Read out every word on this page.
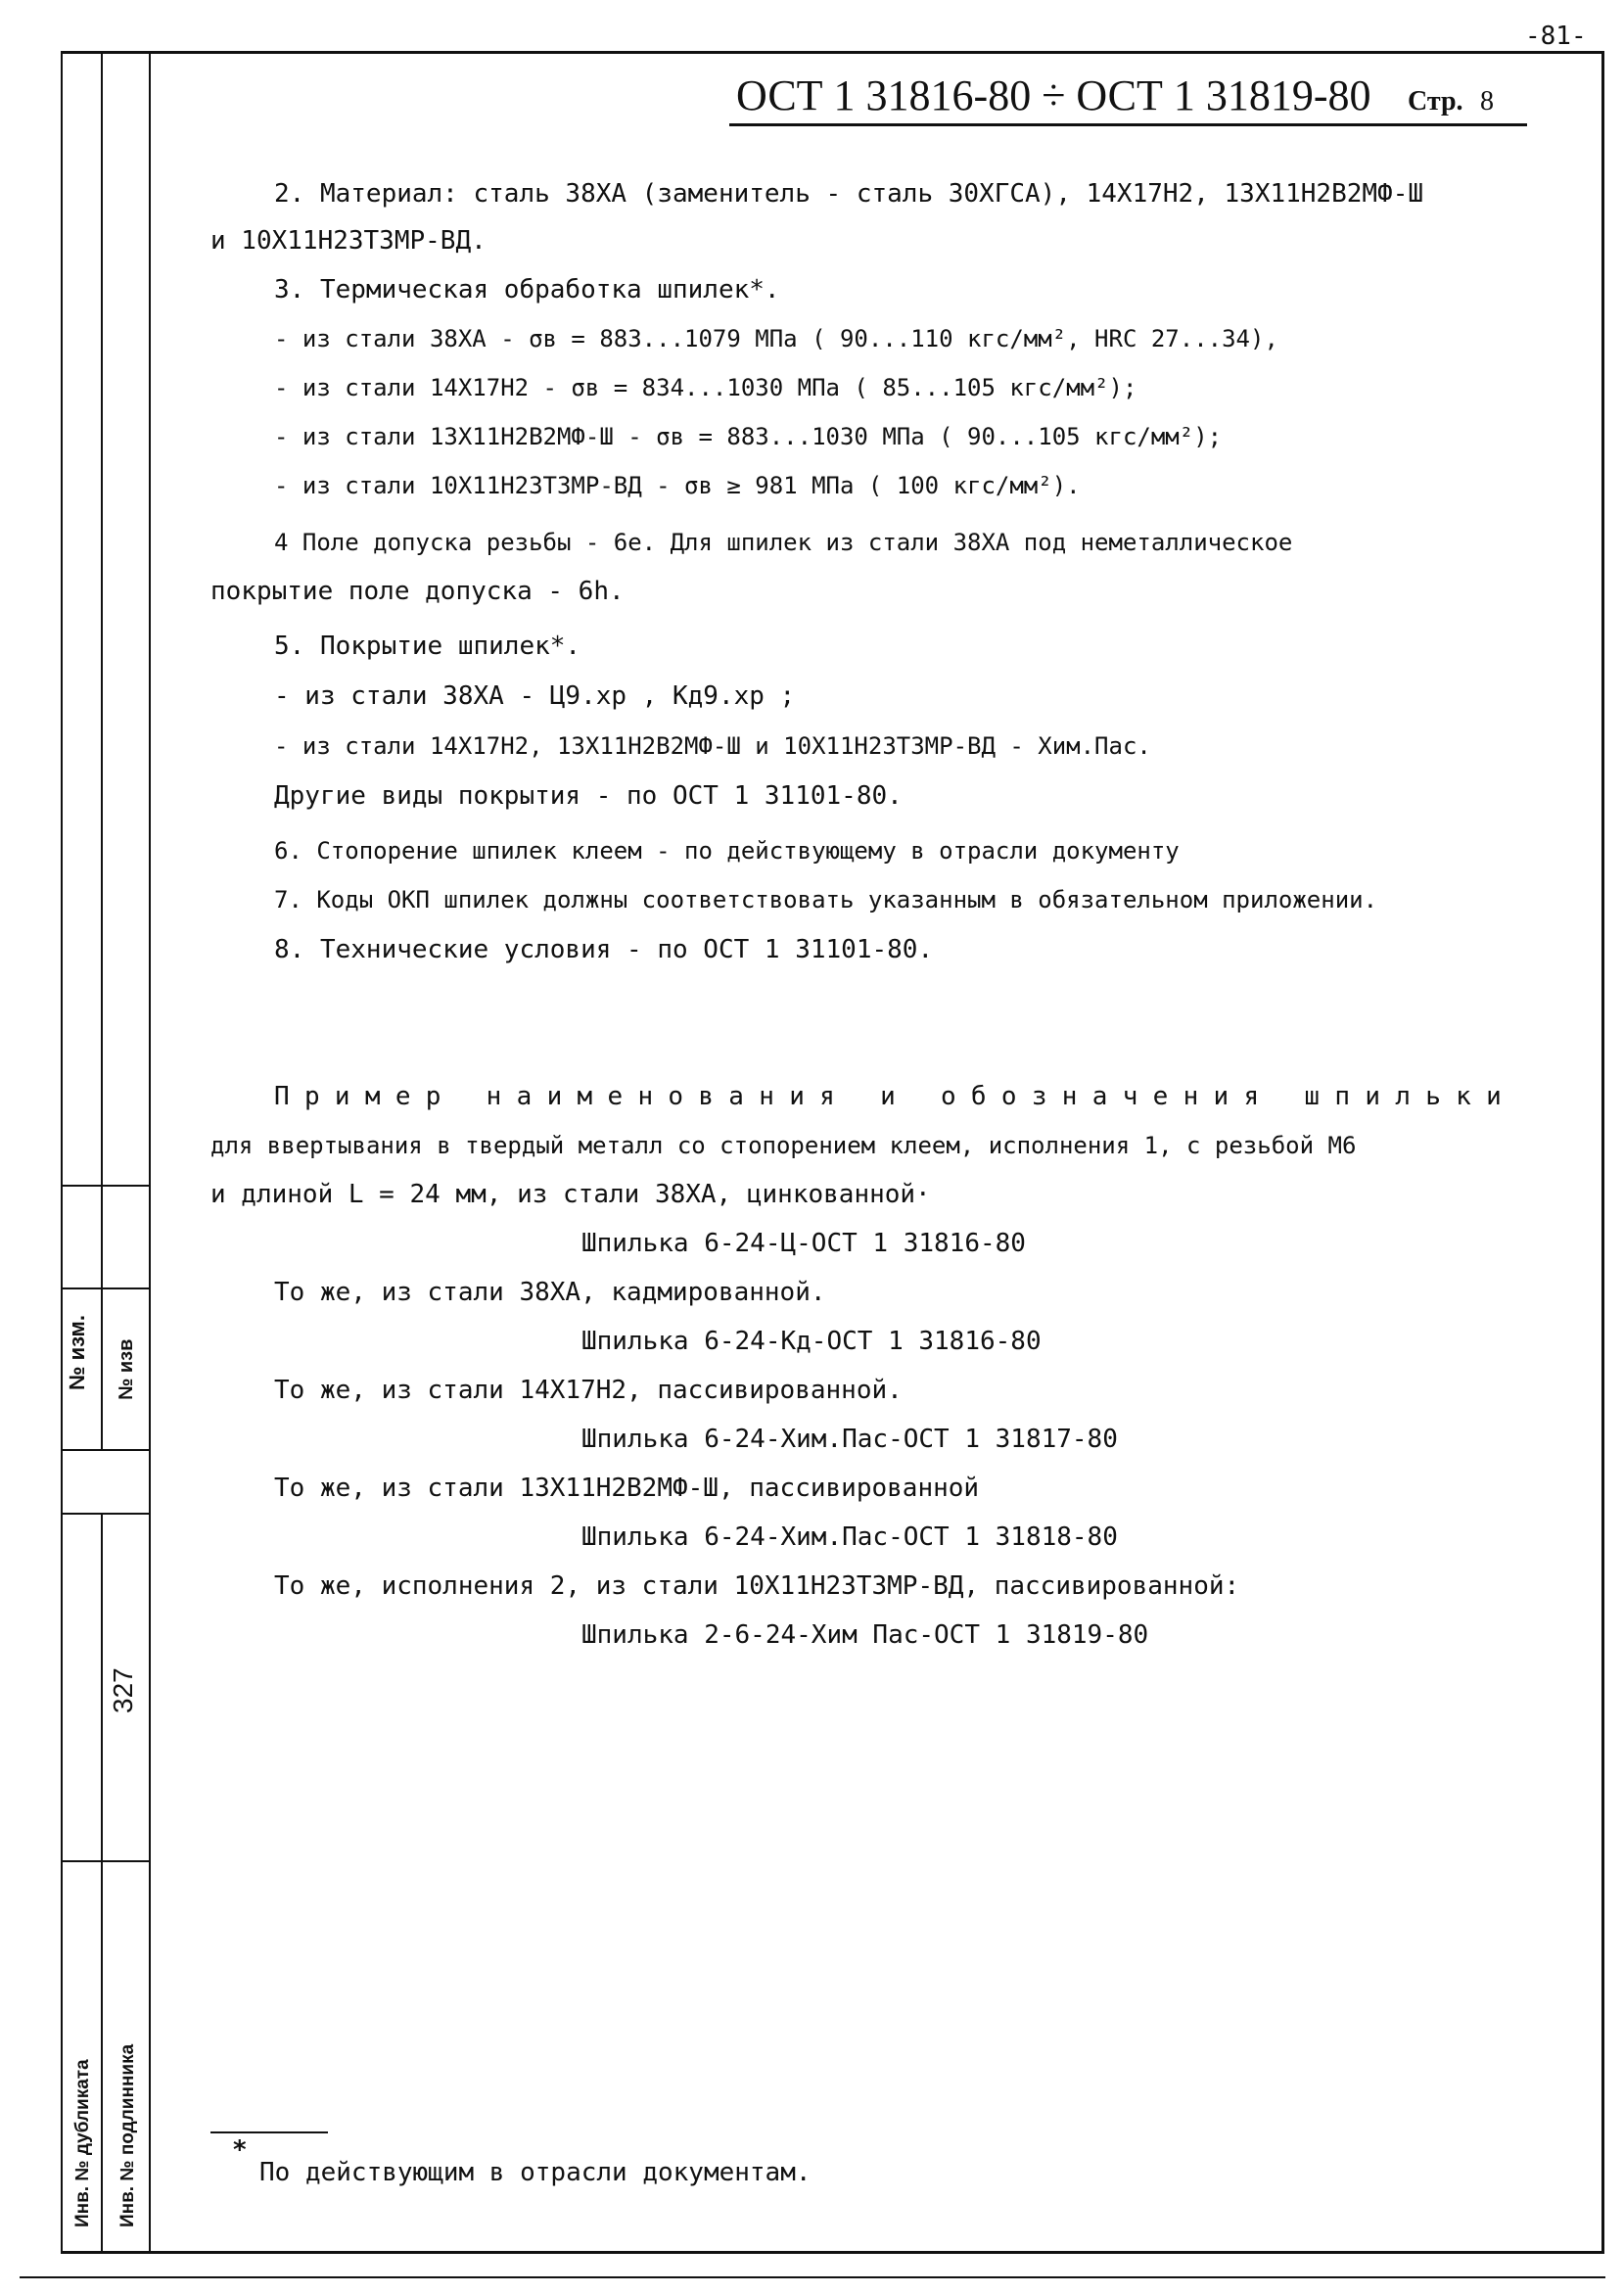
-81-
ОСТ 1 31816-80 ÷ ОСТ 1 31819-80 Стр. 8
2. Материал: сталь 38ХА (заменитель - сталь 30ХГСА), 14Х17Н2, 13Х11Н2В2МФ-Ш
и 10Х11Н23Т3МР-ВД.
3. Термическая обработка шпилек*.
- из стали 38ХА - σв = 883...1079 МПа ( 90...110 кгс/мм², HRC 27...34),
- из стали 14Х17Н2 - σв = 834...1030 МПа ( 85...105 кгс/мм²);
- из стали 13Х11Н2В2МФ-Ш - σв = 883...1030 МПа ( 90...105 кгс/мм²);
- из стали 10Х11Н23Т3МР-ВД - σв ≥ 981 МПа ( 100 кгс/мм²).
4 Поле допуска резьбы - 6е. Для шпилек из стали 38ХА под неметаллическое
покрытие поле допуска - 6h.
5. Покрытие шпилек*.
- из стали 38ХА - Ц9.хр , Кд9.хр ;
- из стали 14Х17Н2, 13Х11Н2В2МФ-Ш и 10Х11Н23Т3МР-ВД - Хим.Пас.
Другие виды покрытия - по ОСТ 1 31101-80.
6. Стопорение шпилек клеем - по действующему в отрасли документу
7. Коды ОКП шпилек должны соответствовать указанным в обязательном приложении.
8. Технические условия - по ОСТ 1 31101-80.
Пример наименования и обозначения шпильки
для ввертывания в твердый металл со стопорением клеем, исполнения 1, с резьбой М6
и длиной L = 24 мм, из стали 38ХА, цинкованной·
Шпилька 6-24-Ц-ОСТ 1 31816-80
То же, из стали 38ХА, кадмированной.
Шпилька 6-24-Кд-ОСТ 1 31816-80
То же, из стали 14Х17Н2, пассивированной.
Шпилька 6-24-Хим.Пас-ОСТ 1 31817-80
То же, из стали 13Х11Н2В2МФ-Ш, пассивированной
Шпилька 6-24-Хим.Пас-ОСТ 1 31818-80
То же, исполнения 2, из стали 10Х11Н23Т3МР-ВД, пассивированной:
Шпилька 2-6-24-Хим Пас-ОСТ 1 31819-80
*
По действующим в отрасли документам.
№ изм. № изв
327
Инв. № дубликата Инв. № подлинника
